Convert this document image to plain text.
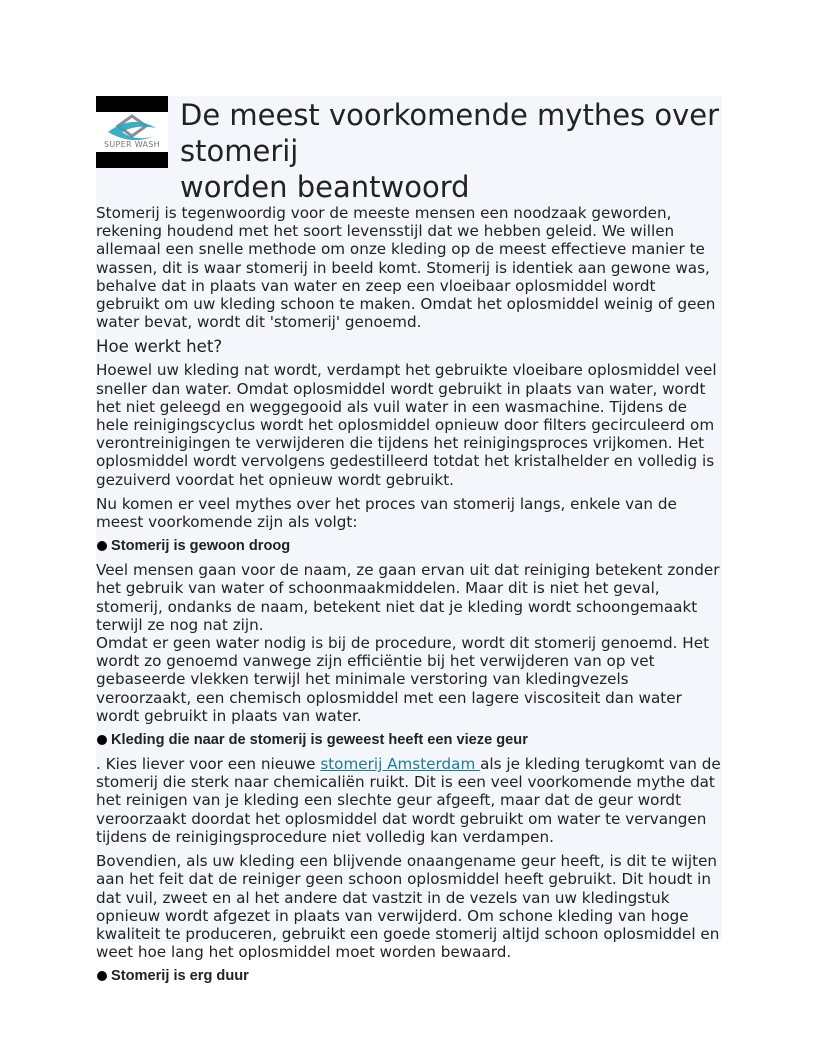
SUPER WASH
De meest voorkomende mythes over
stomerij
worden beantwoord

Stomerij is tegenwoordig voor de meeste mensen een noodzaak geworden, rekening houdend met het soort levensstijl dat we hebben geleid. We willen allemaal een snelle methode om onze kleding op de meest effectieve manier te wassen, dit is waar stomerij in beeld komt. Stomerij is identiek aan gewone was, behalve dat in plaats van water en zeep een vloeibaar oplosmiddel wordt gebruikt om uw kleding schoon te maken. Omdat het oplosmiddel weinig of geen water bevat, wordt dit 'stomerij' genoemd.

Hoe werkt het?

Hoewel uw kleding nat wordt, verdampt het gebruikte vloeibare oplosmiddel veel sneller dan water. Omdat oplosmiddel wordt gebruikt in plaats van water, wordt het niet geleegd en weggegooid als vuil water in een wasmachine. Tijdens de hele reinigingscyclus wordt het oplosmiddel opnieuw door filters gecirculeerd om verontreinigingen te verwijderen die tijdens het reinigingsproces vrijkomen. Het oplosmiddel wordt vervolgens gedestilleerd totdat het kristalhelder en volledig is gezuiverd voordat het opnieuw wordt gebruikt.

Nu komen er veel mythes over het proces van stomerij langs, enkele van de meest voorkomende zijn als volgt:

Stomerij is gewoon droog

Veel mensen gaan voor de naam, ze gaan ervan uit dat reiniging betekent zonder het gebruik van water of schoonmaakmiddelen. Maar dit is niet het geval, stomerij, ondanks de naam, betekent niet dat je kleding wordt schoongemaakt terwijl ze nog nat zijn.

Omdat er geen water nodig is bij de procedure, wordt dit stomerij genoemd. Het wordt zo genoemd vanwege zijn efficiëntie bij het verwijderen van op vet gebaseerde vlekken terwijl het minimale verstoring van kledingvezels veroorzaakt, een chemisch oplosmiddel met een lagere viscositeit dan water wordt gebruikt in plaats van water.

Kleding die naar de stomerij is geweest heeft een vieze geur

. Kies liever voor een nieuwe stomerij Amsterdam als je kleding terugkomt van de stomerij die sterk naar chemicaliën ruikt. Dit is een veel voorkomende mythe dat het reinigen van je kleding een slechte geur afgeeft, maar dat de geur wordt veroorzaakt doordat het oplosmiddel dat wordt gebruikt om water te vervangen tijdens de reinigingsprocedure niet volledig kan verdampen.

Bovendien, als uw kleding een blijvende onaangename geur heeft, is dit te wijten aan het feit dat de reiniger geen schoon oplosmiddel heeft gebruikt. Dit houdt in dat vuil, zweet en al het andere dat vastzit in de vezels van uw kledingstuk opnieuw wordt afgezet in plaats van verwijderd. Om schone kleding van hoge kwaliteit te produceren, gebruikt een goede stomerij altijd schoon oplosmiddel en weet hoe lang het oplosmiddel moet worden bewaard.

Stomerij is erg duur
